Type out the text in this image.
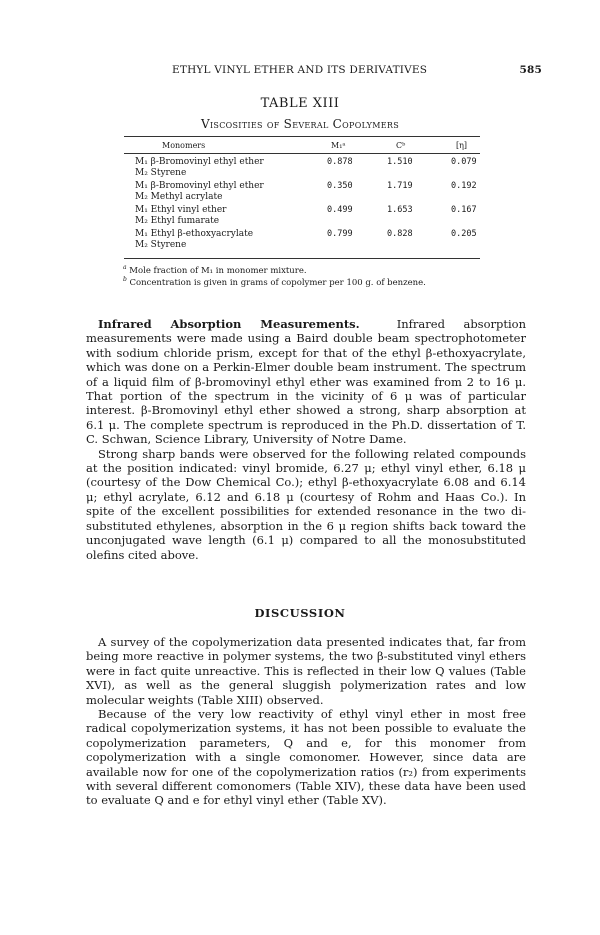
ETHYL VINYL ETHER AND ITS DERIVATIVES	585
TABLE XIII
Viscosities of Several Copolymers
Monomers	M₁ᵃ	Cᵇ	[η]
M₁ β-Bromovinyl ethyl ether
M₂ Styrene
0.878	1.510	0.079
M₁ β-Bromovinyl ethyl ether
M₂ Methyl acrylate
0.350	1.719	0.192
M₁ Ethyl vinyl ether
M₂ Ethyl fumarate
0.499	1.653	0.167
M₁ Ethyl β-ethoxyacrylate
M₂ Styrene
0.799	0.828	0.205
$^a$ Mole fraction of M₁ in monomer mixture.
$^b$ Concentration is given in grams of copolymer per 100 g. of benzene.

Infrared Absorption Measurements.	Infrared absorption measurements were made using a Baird double beam spectrophotometer with sodium chloride prism, except for that of the ethyl β-ethoxyacrylate, which was done on a Perkin-Elmer double beam instrument. The spectrum of a liquid film of β-bromovinyl ethyl ether was examined from 2 to 16 μ. That portion of the spectrum in the vicinity of 6 μ was of particular interest. β-Bromovinyl ethyl ether showed a strong, sharp absorption at 6.1 μ. The complete spectrum is reproduced in the Ph.D. dissertation of T. C. Schwan, Science Library, University of Notre Dame.

Strong sharp bands were observed for the following related compounds at the position indicated: vinyl bromide, 6.27 μ; ethyl vinyl ether, 6.18 μ (courtesy of the Dow Chemical Co.); ethyl β-ethoxyacrylate 6.08 and 6.14 μ; ethyl acrylate, 6.12 and 6.18 μ (courtesy of Rohm and Haas Co.). In spite of the excellent possibilities for extended resonance in the two di-substituted ethylenes, absorption in the 6 μ region shifts back toward the unconjugated wave length (6.1 μ) compared to all the monosubstituted olefins cited above.

DISCUSSION

A survey of the copolymerization data presented indicates that, far from being more reactive in polymer systems, the two β-substituted vinyl ethers were in fact quite unreactive. This is reflected in their low Q values (Table XVI), as well as the general sluggish polymerization rates and low molecular weights (Table XIII) observed.

Because of the very low reactivity of ethyl vinyl ether in most free radical copolymerization systems, it has not been possible to evaluate the copolymerization parameters, Q and e, for this monomer from copolymerization with a single comonomer. However, since data are available now for one of the copolymerization ratios (r₂) from experiments with several different comonomers (Table XIV), these data have been used to evaluate Q and e for ethyl vinyl ether (Table XV).
